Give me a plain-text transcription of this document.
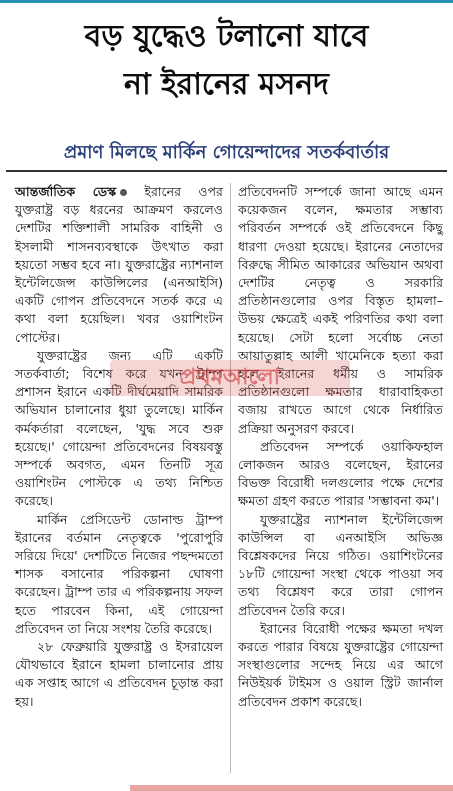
বড় যুদ্ধেও টলানো যাবে
না ইরানের মসনদ
প্রমাণ মিলছে মার্কিন গোয়েন্দাদের সতর্কবার্তার

আন্তর্জাতিক ডেস্ক ইরানের ওপর যুক্তরাষ্ট্র বড় ধরনের আক্রমণ করলেও দেশটির শক্তিশালী সামরিক বাহিনী ও ইসলামী শাসনব্যবস্থাকে উৎখাত করা হয়তো সম্ভব হবে না। যুক্তরাষ্ট্রের ন্যাশনাল ইন্টেলিজেন্স কাউন্সিলের (এনআইসি) একটি গোপন প্রতিবেদনে সতর্ক করে এ কথা বলা হয়েছিল। খবর ওয়াশিংটন পোস্টের।

যুক্তরাষ্ট্রের জন্য এটি একটি সতর্কবার্তা; বিশেষ করে যখন ট্রাম্প প্রশাসন ইরানে একটি দীর্ঘমেয়াদি সামরিক অভিযান চালানোর ধুয়া তুলেছে। মার্কিন কর্মকর্তারা বলেছেন, 'যুদ্ধ সবে শুরু হয়েছে।' গোয়েন্দা প্রতিবেদনের বিষয়বস্তু সম্পর্কে অবগত, এমন তিনটি সূত্র ওয়াশিংটন পোস্টকে এ তথ্য নিশ্চিত করেছে।

মার্কিন প্রেসিডেন্ট ডোনাল্ড ট্রাম্প ইরানের বর্তমান নেতৃত্বকে 'পুরোপুরি সরিয়ে দিয়ে' দেশটিতে নিজের পছন্দমতো শাসক বসানোর পরিকল্পনা ঘোষণা করেছেন। ট্রাম্প তার এ পরিকল্পনায় সফল হতে পারবেন কিনা, এই গোয়েন্দা প্রতিবেদন তা নিয়ে সংশয় তৈরি করেছে।

২৮ ফেব্রুয়ারি যুক্তরাষ্ট্র ও ইসরায়েল যৌথভাবে ইরানে হামলা চালানোর প্রায় এক সপ্তাহ আগে এ প্রতিবেদন চূড়ান্ত করা হয়।

প্রতিবেদনটি সম্পর্কে জানা আছে এমন কয়েকজন বলেন, ক্ষমতার সম্ভাব্য পরিবর্তন সম্পর্কে ওই প্রতিবেদনে কিছু ধারণা দেওয়া হয়েছে। ইরানের নেতাদের বিরুদ্ধে সীমিত আকারের অভিযান অথবা দেশটির নেতৃত্ব ও সরকারি প্রতিষ্ঠানগুলোর ওপর বিস্তৃত হামলা– উভয় ক্ষেত্রেই একই পরিণতির কথা বলা হয়েছে। সেটা হলো সর্বোচ্চ নেতা আয়াতুল্লাহ আলী খামেনিকে হত্যা করা হলে ইরানের ধর্মীয় ও সামরিক প্রতিষ্ঠানগুলো ক্ষমতার ধারাবাহিকতা বজায় রাখতে আগে থেকে নির্ধারিত প্রক্রিয়া অনুসরণ করবে।

প্রতিবেদন সম্পর্কে ওয়াকিফহাল লোকজন আরও বলেছেন, ইরানের বিভক্ত বিরোধী দলগুলোর পক্ষে দেশের ক্ষমতা গ্রহণ করতে পারার 'সম্ভাবনা কম'।

যুক্তরাষ্ট্রের ন্যাশনাল ইন্টেলিজেন্স কাউন্সিল বা এনআইসি অভিজ্ঞ বিশ্লেষকদের নিয়ে গঠিত। ওয়াশিংটনের ১৮টি গোয়েন্দা সংস্থা থেকে পাওয়া সব তথ্য বিশ্লেষণ করে তারা গোপন প্রতিবেদন তৈরি করে।

ইরানের বিরোধী পক্ষের ক্ষমতা দখল করতে পারার বিষয়ে যুক্তরাষ্ট্রের গোয়েন্দা সংস্থাগুলোর সন্দেহ নিয়ে এর আগে নিউইয়র্ক টাইমস ও ওয়াল স্ট্রিট জার্নাল প্রতিবেদন প্রকাশ করেছে।

প্রথমআলো
